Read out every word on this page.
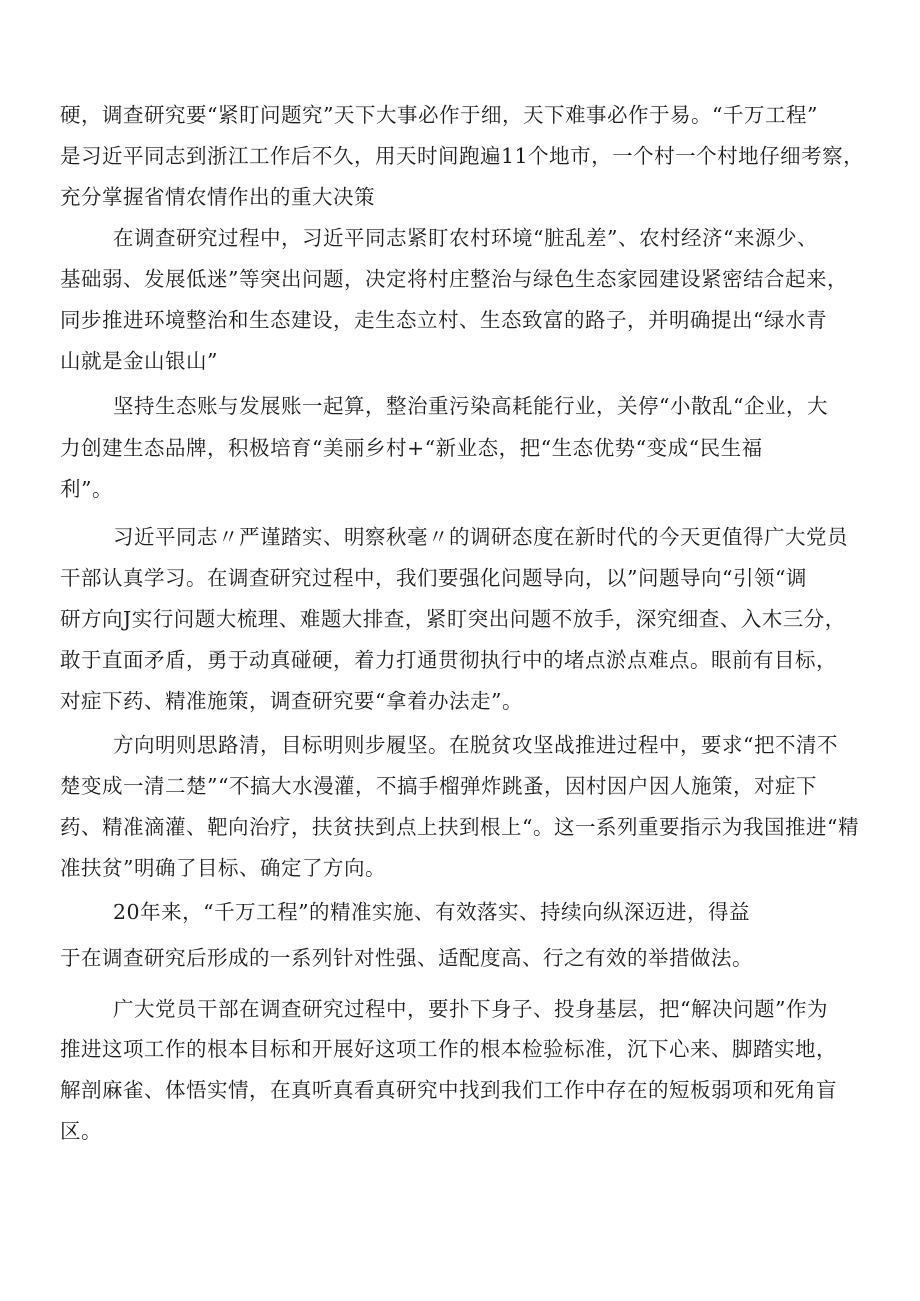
硬，调查研究要“紧盯问题究”天下大事必作于细，天下难事必作于易。“千万工程”
是习近平同志到浙江工作后不久，用天时间跑遍11个地市，一个村一个村地仔细考察，
充分掌握省情农情作出的重大决策
在调查研究过程中，习近平同志紧盯农村环境“脏乱差”、农村经济“来源少、
基础弱、发展低迷”等突出问题，决定将村庄整治与绿色生态家园建设紧密结合起来，
同步推进环境整治和生态建设，走生态立村、生态致富的路子，并明确提出“绿水青
山就是金山银山”
坚持生态账与发展账一起算，整治重污染高耗能行业，关停“小散乱“企业，大
力创建生态品牌，积极培育“美丽乡村+“新业态，把“生态优势“变成“民生福
利”。
习近平同志〃严谨踏实、明察秋毫〃的调研态度在新时代的今天更值得广大党员
干部认真学习。在调查研究过程中，我们要强化问题导向，以”问题导向“引领“调
研方向J实行问题大梳理、难题大排查，紧盯突出问题不放手，深究细查、入木三分，
敢于直面矛盾，勇于动真碰硬，着力打通贯彻执行中的堵点淤点难点。眼前有目标，
对症下药、精准施策，调查研究要“拿着办法走”。
方向明则思路清，目标明则步履坚。在脱贫攻坚战推进过程中，要求“把不清不
楚变成一清二楚”“不搞大水漫灌，不搞手榴弹炸跳蚤，因村因户因人施策，对症下
药、精准滴灌、靶向治疗，扶贫扶到点上扶到根上“。这一系列重要指示为我国推进“精
准扶贫”明确了目标、确定了方向。
20年来，“千万工程”的精准实施、有效落实、持续向纵深迈进，得益
于在调查研究后形成的一系列针对性强、适配度高、行之有效的举措做法。
广大党员干部在调查研究过程中，要扑下身子、投身基层，把“解决问题”作为
推进这项工作的根本目标和开展好这项工作的根本检验标准，沉下心来、脚踏实地，
解剖麻雀、体悟实情，在真听真看真研究中找到我们工作中存在的短板弱项和死角盲
区。
